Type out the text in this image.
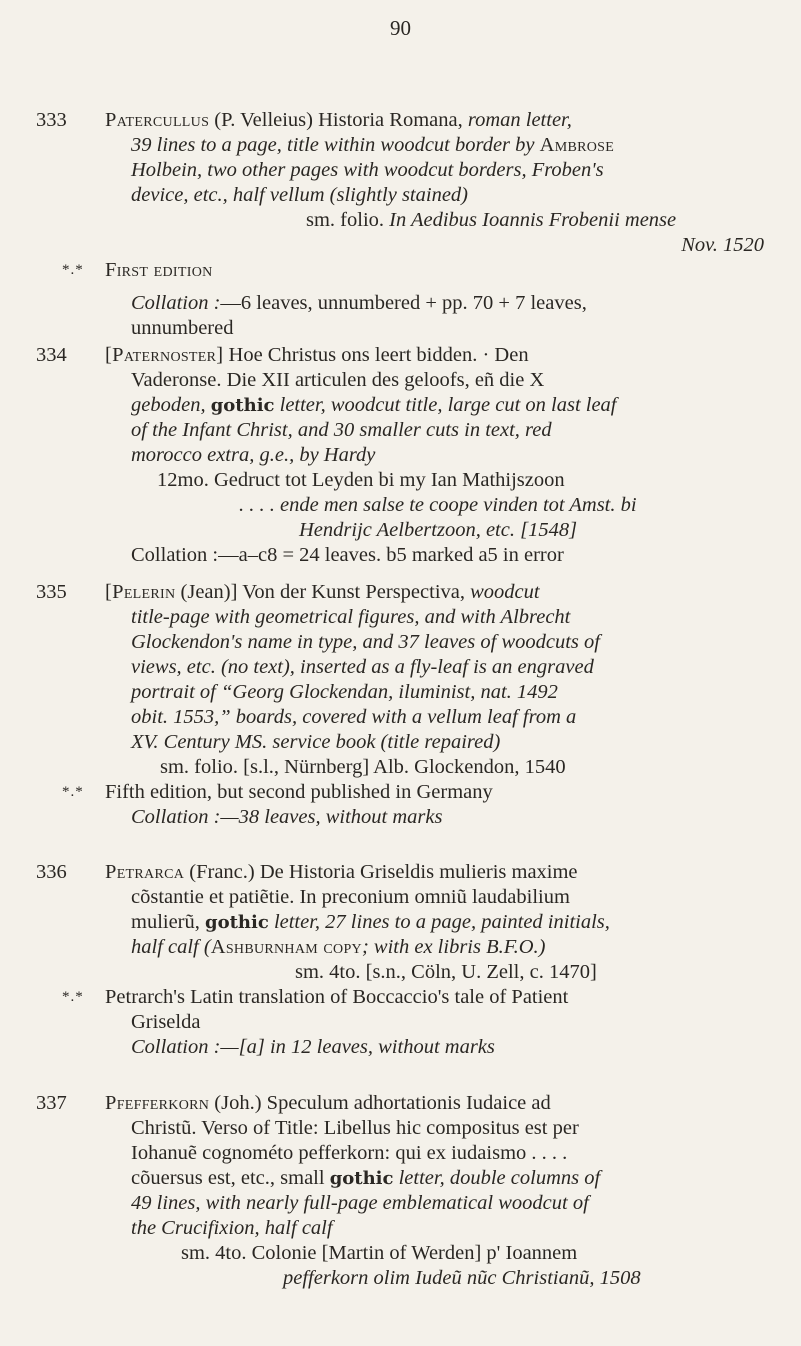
90
333	Patercullus (P. Velleius) Historia Romana, roman letter,
39 lines to a page, title within woodcut border by Ambrose
Holbein, two other pages with woodcut borders, Froben's
device, etc., half vellum (slightly stained)
sm. folio. In Aedibus Ioannis Frobenii mense
Nov. 1520
*.* First edition
Collation :—6 leaves, unnumbered + pp. 70 + 7 leaves,
unnumbered
334	[Paternoster] Hoe Christus ons leert bidden. · Den
Vaderonse. Die XII articulen des geloofs, eñ die X
geboden, gothic letter, woodcut title, large cut on last leaf
of the Infant Christ, and 30 smaller cuts in text, red
morocco extra, g.e., by Hardy
12mo. Gedruct tot Leyden bi my Ian Mathijszoon
. . . . ende men salse te coope vinden tot Amst. bi
Hendrijc Aelbertzoon, etc. [1548]
Collation :—a–c8 = 24 leaves. b5 marked a5 in error
335	[Pelerin (Jean)] Von der Kunst Perspectiva, woodcut
title-page with geometrical figures, and with Albrecht
Glockendon's name in type, and 37 leaves of woodcuts of
views, etc. (no text), inserted as a fly-leaf is an engraved
portrait of “Georg Glockendan, iluminist, nat. 1492
obit. 1553,” boards, covered with a vellum leaf from a
XV. Century MS. service book (title repaired)
sm. folio. [s.l., Nürnberg] Alb. Glockendon, 1540
*.* Fifth edition, but second published in Germany
Collation :—38 leaves, without marks
336	Petrarca (Franc.) De Historia Griseldis mulieris maxime
cõstantie et patiẽtie. In preconium omniũ laudabilium
mulierũ, gothic letter, 27 lines to a page, painted initials,
half calf (Ashburnham copy; with ex libris B.F.O.)
sm. 4to. [s.n., Cöln, U. Zell, c. 1470]
*.* Petrarch's Latin translation of Boccaccio's tale of Patient
Griselda
Collation :—[a] in 12 leaves, without marks
337	Pfefferkorn (Joh.) Speculum adhortationis Iudaice ad
Christũ. Verso of Title: Libellus hic compositus est per
Iohanuẽ cognométo pefferkorn: qui ex iudaismo . . . .
cõuersus est, etc., small gothic letter, double columns of
49 lines, with nearly full-page emblematical woodcut of
the Crucifixion, half calf
sm. 4to. Colonie [Martin of Werden] p' Ioannem
pefferkorn olim Iudeũ nũc Christianũ, 1508
